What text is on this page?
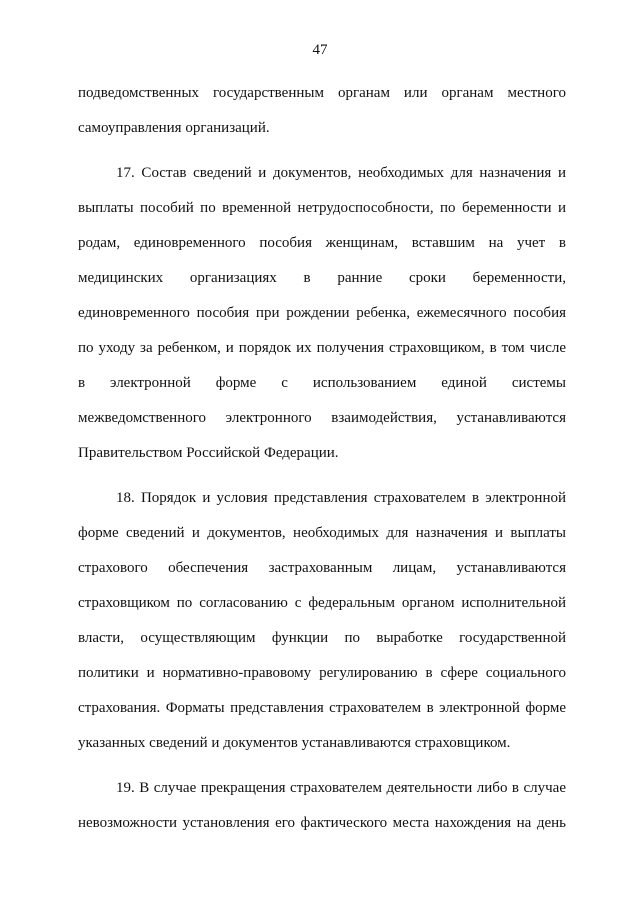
47
подведомственных государственным органам или органам местного
самоуправления организаций.
17. Состав сведений и документов, необходимых для назначения и
выплаты пособий по временной нетрудоспособности, по беременности и
родам, единовременного пособия женщинам, вставшим на учет в
медицинских организациях в ранние сроки беременности,
единовременного пособия при рождении ребенка, ежемесячного пособия
по уходу за ребенком, и порядок их получения страховщиком, в том числе
в электронной форме с использованием единой системы
межведомственного электронного взаимодействия, устанавливаются
Правительством Российской Федерации.
18. Порядок и условия представления страхователем в электронной
форме сведений и документов, необходимых для назначения и выплаты
страхового обеспечения застрахованным лицам, устанавливаются
страховщиком по согласованию с федеральным органом исполнительной
власти, осуществляющим функции по выработке государственной
политики и нормативно-правовому регулированию в сфере социального
страхования. Форматы представления страхователем в электронной форме
указанных сведений и документов устанавливаются страховщиком.
19. В случае прекращения страхователем деятельности либо в случае
невозможности установления его фактического места нахождения на день
